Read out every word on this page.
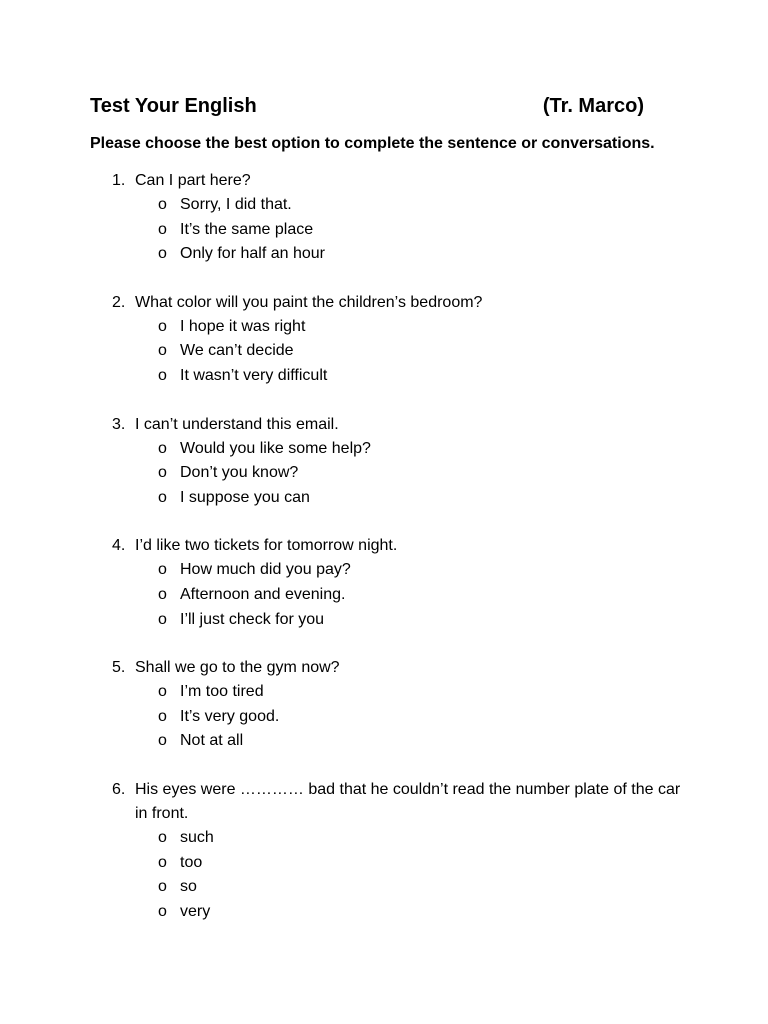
Test Your English	(Tr. Marco)
Please choose the best option to complete the sentence or conversations.
1. Can I part here?
o Sorry, I did that.
o It’s the same place
o Only for half an hour
2. What color will you paint the children’s bedroom?
o I hope it was right
o We can’t decide
o It wasn’t very difficult
3. I can’t understand this email.
o Would you like some help?
o Don’t you know?
o I suppose you can
4. I’d like two tickets for tomorrow night.
o How much did you pay?
o Afternoon and evening.
o I’ll just check for you
5. Shall we go to the gym now?
o I’m too tired
o It’s very good.
o Not at all
6. His eyes were ………… bad that he couldn’t read the number plate of the car in front.
o such
o too
o so
o very
